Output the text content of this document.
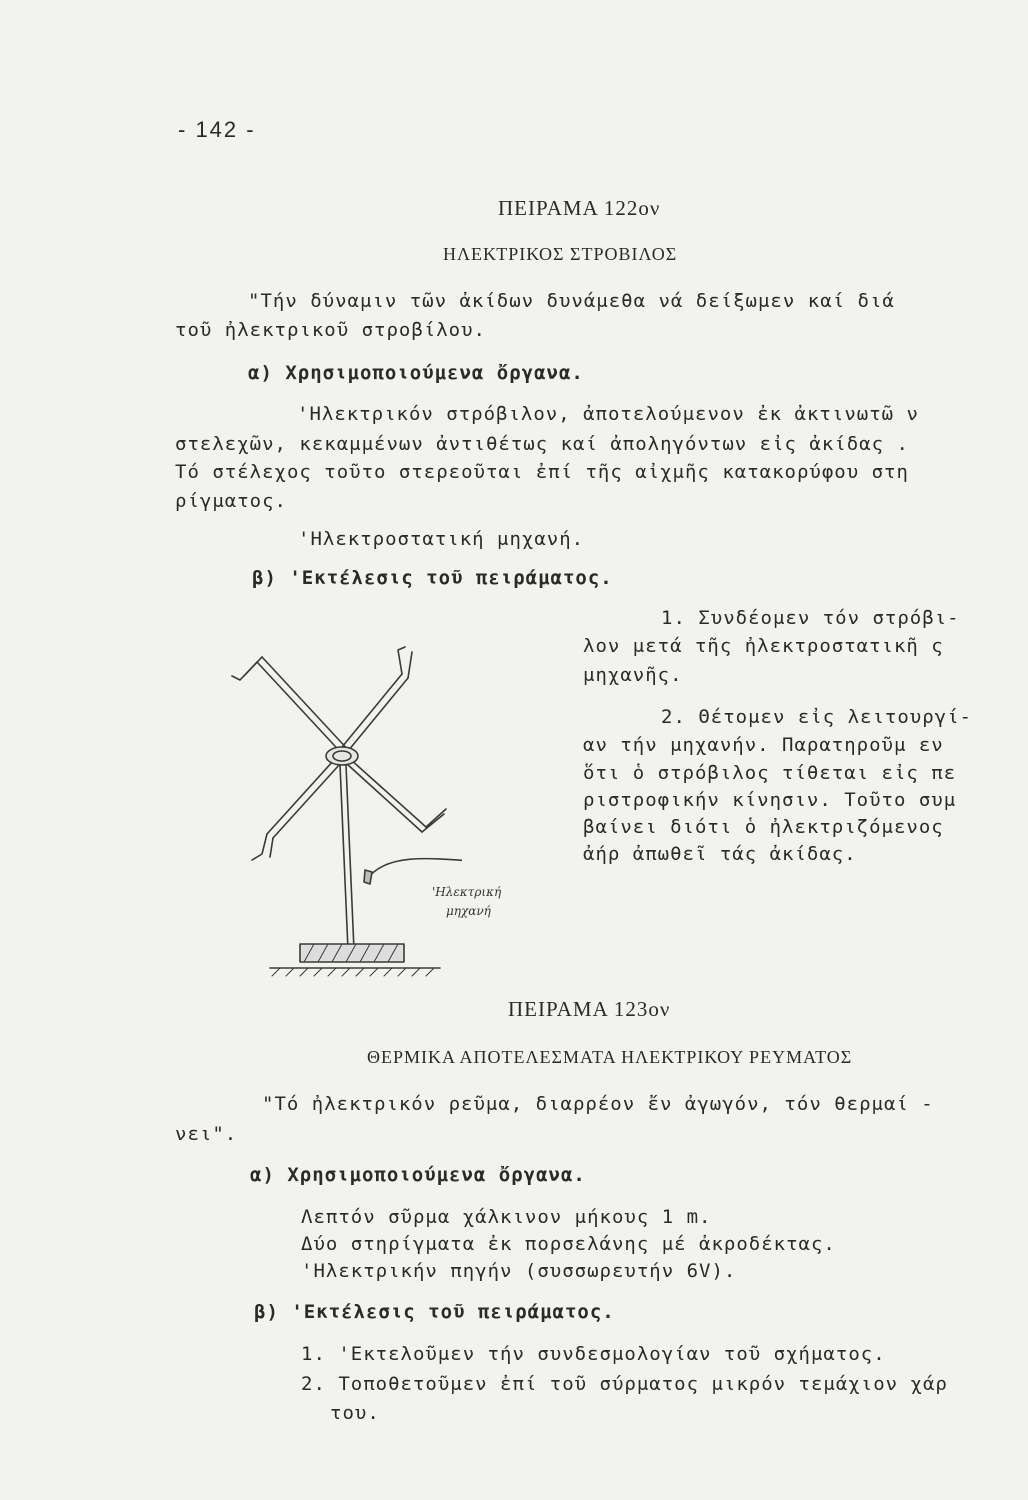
- 142 -
ΠΕΙΡΑΜΑ 122ον
ΗΛΕΚΤΡΙΚΟΣ ΣΤΡΟΒΙΛΟΣ
"Τήν δύναμιν τῶν ἀκίδων δυνάμεθα νά δείξωμεν καί διά
τοῦ ἠλεκτρικοῦ στροβίλου.
α) Χρησιμοποιούμενα ὄργανα.
'Ηλεκτρικόν στρόβιλον, ἀποτελούμενον ἐκ ἀκτινωτῶ ν
στελεχῶν, κεκαμμένων ἀντιθέτως καί ἀποληγόντων εἰς ἀκίδας .
Τό στέλεχος τοῦτο στερεοῦται ἐπί τῆς αἰχμῆς κατακορύφου στη
ρίγματος.
'Ηλεκτροστατική μηχανή.
β) 'Εκτέλεσις τοῦ πειράματος.
1. Συνδέομεν τόν στρόβι-
λον μετά τῆς ἠλεκτροστατικῆ ς
μηχανῆς.
2. Θέτομεν εἰς λειτουργί-
αν τήν μηχανήν. Παρατηροῦμ εν
ὅτι ὁ στρόβιλος τίθεται εἰς πε
ριστροφικήν κίνησιν. Τοῦτο συμ
βαίνει διότι ὁ ἠλεκτριζόμενος
ἀήρ ἀπωθεῖ τάς ἀκίδας.
'Ηλεκτρική
μηχανή
ΠΕΙΡΑΜΑ 123ον
ΘΕΡΜΙΚΑ ΑΠΟΤΕΛΕΣΜΑΤΑ ΗΛΕΚΤΡΙΚΟΥ ΡΕΥΜΑΤΟΣ
"Τό ἠλεκτρικόν ρεῦμα, διαρρέον ἔν ἀγωγόν, τόν θερμαί -
νει".
α) Χρησιμοποιούμενα ὄργανα.
Λεπτόν σῦρμα χάλκινον μήκους 1 m.
Δύο στηρίγματα ἐκ πορσελάνης μέ ἀκροδέκτας.
'Ηλεκτρικήν πηγήν (συσσωρευτήν 6V).
β) 'Εκτέλεσις τοῦ πειράματος.
1. 'Εκτελοῦμεν τήν συνδεσμολογίαν τοῦ σχήματος.
2. Τοποθετοῦμεν ἐπί τοῦ σύρματος μικρόν τεμάχιον χάρ
του.
